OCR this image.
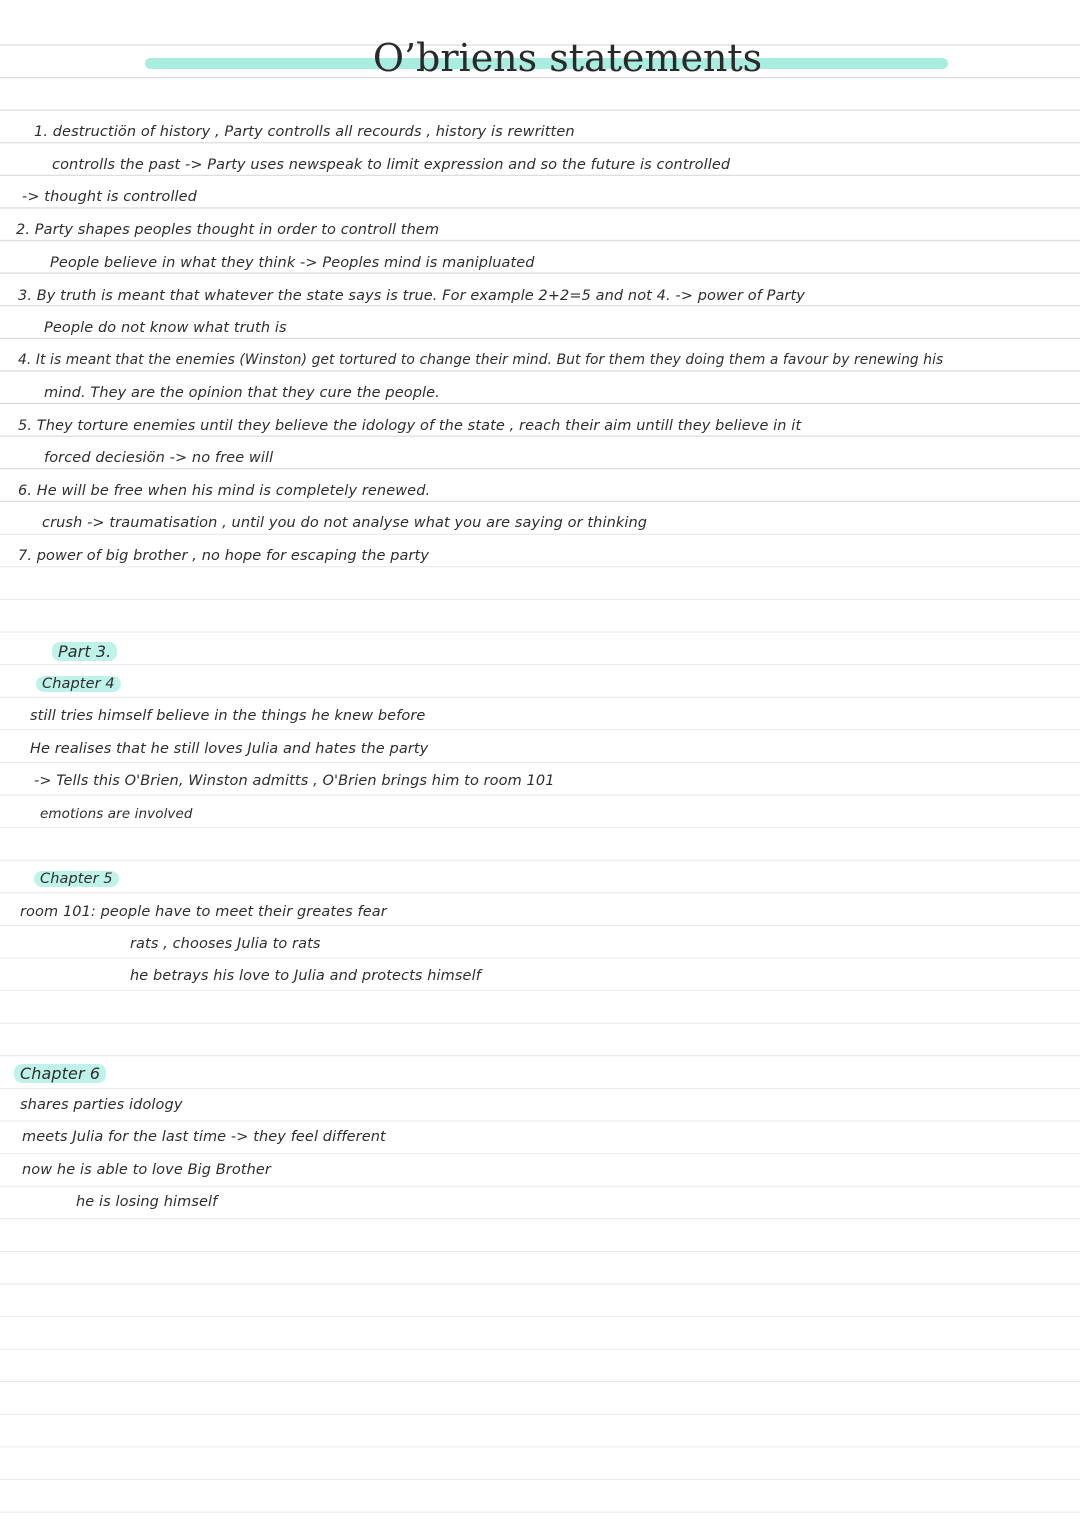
O’briens statements
1. destructiön of history , Party controlls all recourds , history is rewritten
controlls the past -> Party uses newspeak to limit expression and so the future is controlled
-> thought is controlled
2. Party shapes peoples thought in order to controll them
People believe in what they think -> Peoples mind is manipluated
3. By truth is meant that whatever the state says is true. For example 2+2=5 and not 4. -> power of Party
People do not know what truth is
4. It is meant that the enemies (Winston) get tortured to change their mind. But for them they doing them a favour by renewing his
mind. They are the opinion that they cure the people.
5. They torture enemies until they believe the idology of the state , reach their aim untill they believe in it
forced deciesiön -> no free will
6. He will be free when his mind is completely renewed.
crush -> traumatisation , until you do not analyse what you are saying or thinking
7. power of big brother , no hope for escaping the party
Part 3.
Chapter 4
still tries himself believe in the things he knew before
He realises that he still loves Julia and hates the party
-> Tells this O'Brien, Winston admitts , O'Brien brings him to room 101
emotions are involved
Chapter 5
room 101: people have to meet their greates fear
rats , chooses Julia to rats
he betrays his love to Julia and protects himself
Chapter 6
shares parties idology
meets Julia for the last time -> they feel different
now he is able to love Big Brother
he is losing himself
